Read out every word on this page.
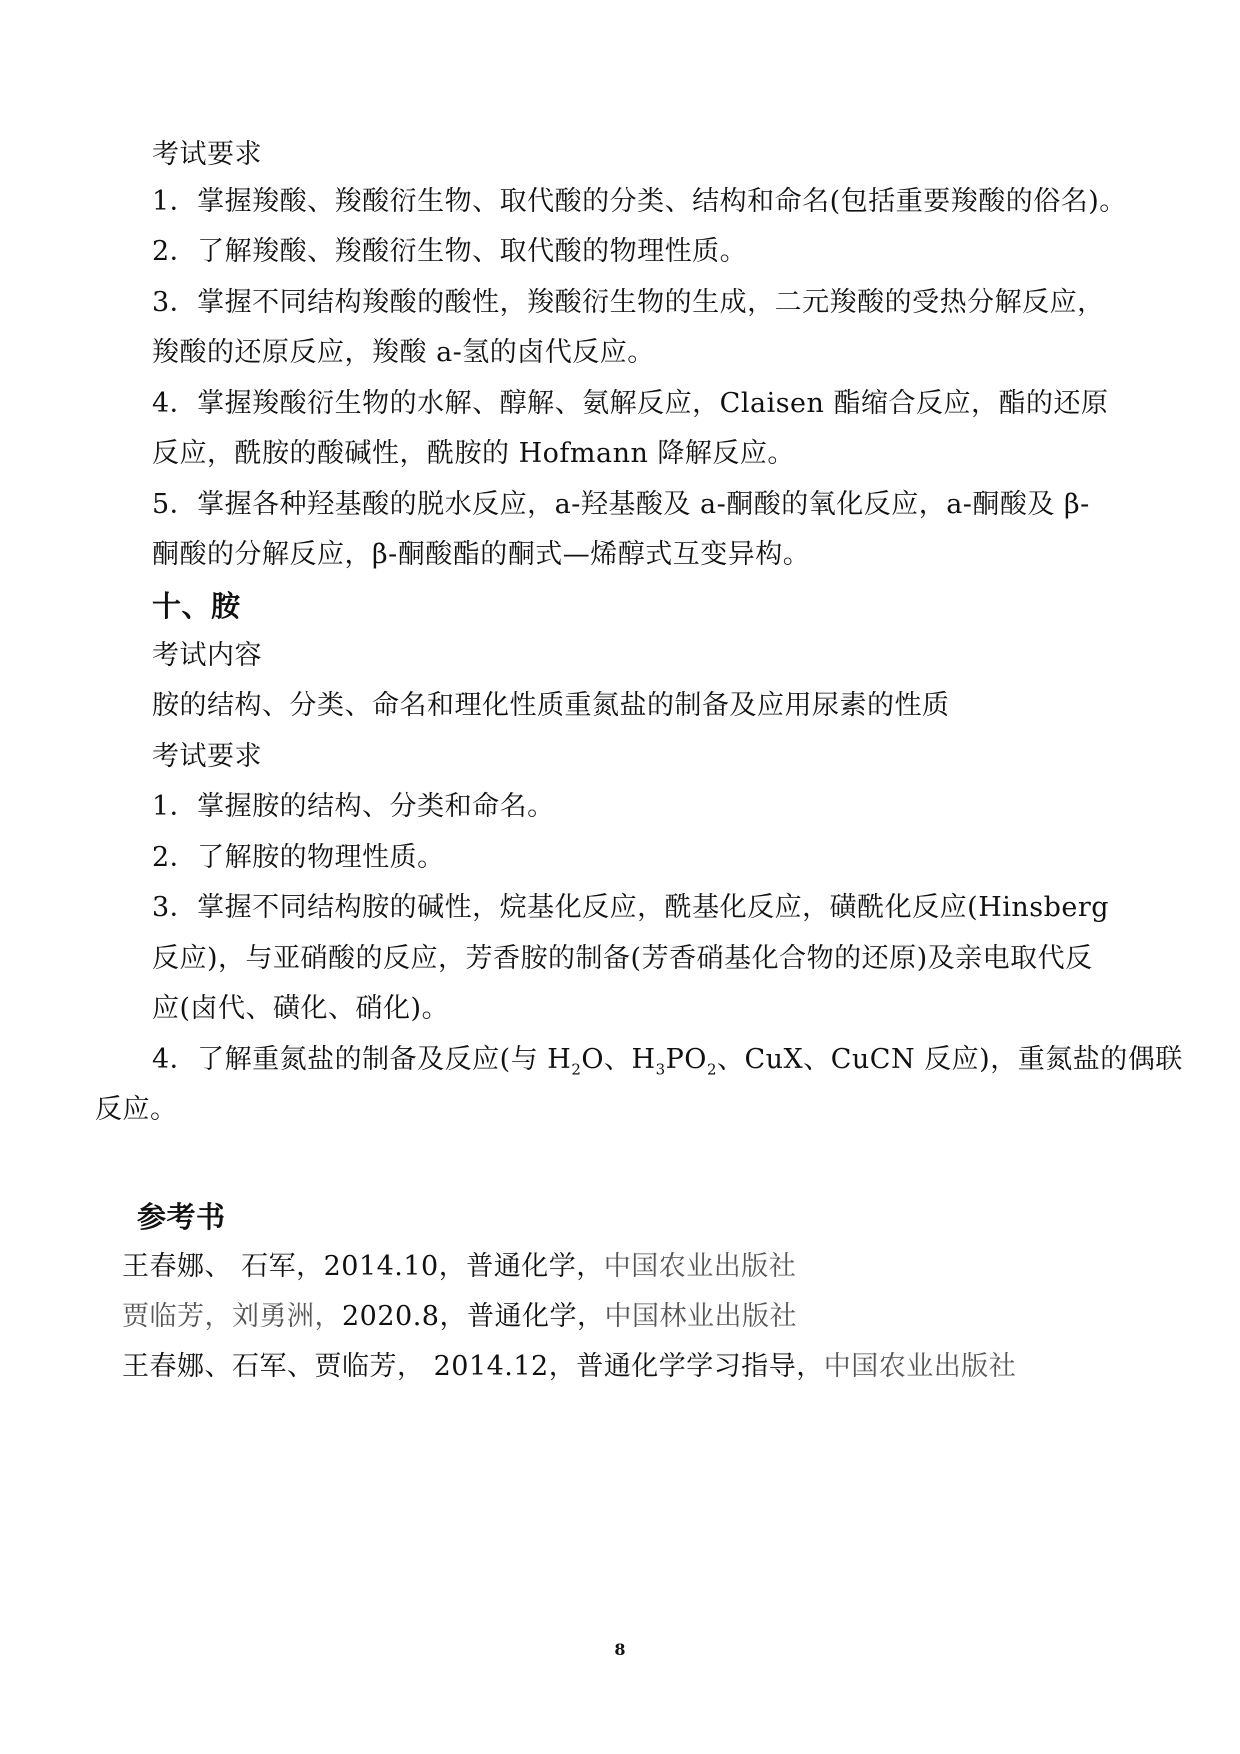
考试要求
1．掌握羧酸、羧酸衍生物、取代酸的分类、结构和命名(包括重要羧酸的俗名)。
2．了解羧酸、羧酸衍生物、取代酸的物理性质。
3．掌握不同结构羧酸的酸性，羧酸衍生物的生成，二元羧酸的受热分解反应，
羧酸的还原反应，羧酸 a-氢的卤代反应。
4．掌握羧酸衍生物的水解、醇解、氨解反应，Claisen 酯缩合反应，酯的还原
反应，酰胺的酸碱性，酰胺的 Hofmann 降解反应。
5．掌握各种羟基酸的脱水反应，a-羟基酸及 a-酮酸的氧化反应，a-酮酸及 β-
酮酸的分解反应，β-酮酸酯的酮式—烯醇式互变异构。
十、胺
考试内容
胺的结构、分类、命名和理化性质重氮盐的制备及应用尿素的性质
考试要求
1．掌握胺的结构、分类和命名。
2．了解胺的物理性质。
3．掌握不同结构胺的碱性，烷基化反应，酰基化反应，磺酰化反应(Hinsberg
反应)，与亚硝酸的反应，芳香胺的制备(芳香硝基化合物的还原)及亲电取代反
应(卤代、磺化、硝化)。
4．了解重氮盐的制备及反应(与 $H_2O$、$H_3PO_2$、CuX、CuCN 反应)，重氮盐的偶联
反应。
参考书
王春娜、 石军，2014.10，普通化学，中国农业出版社
贾临芳，刘勇洲，2020.8，普通化学，中国林业出版社
王春娜、石军、贾临芳， 2014.12，普通化学学习指导，中国农业出版社
8
